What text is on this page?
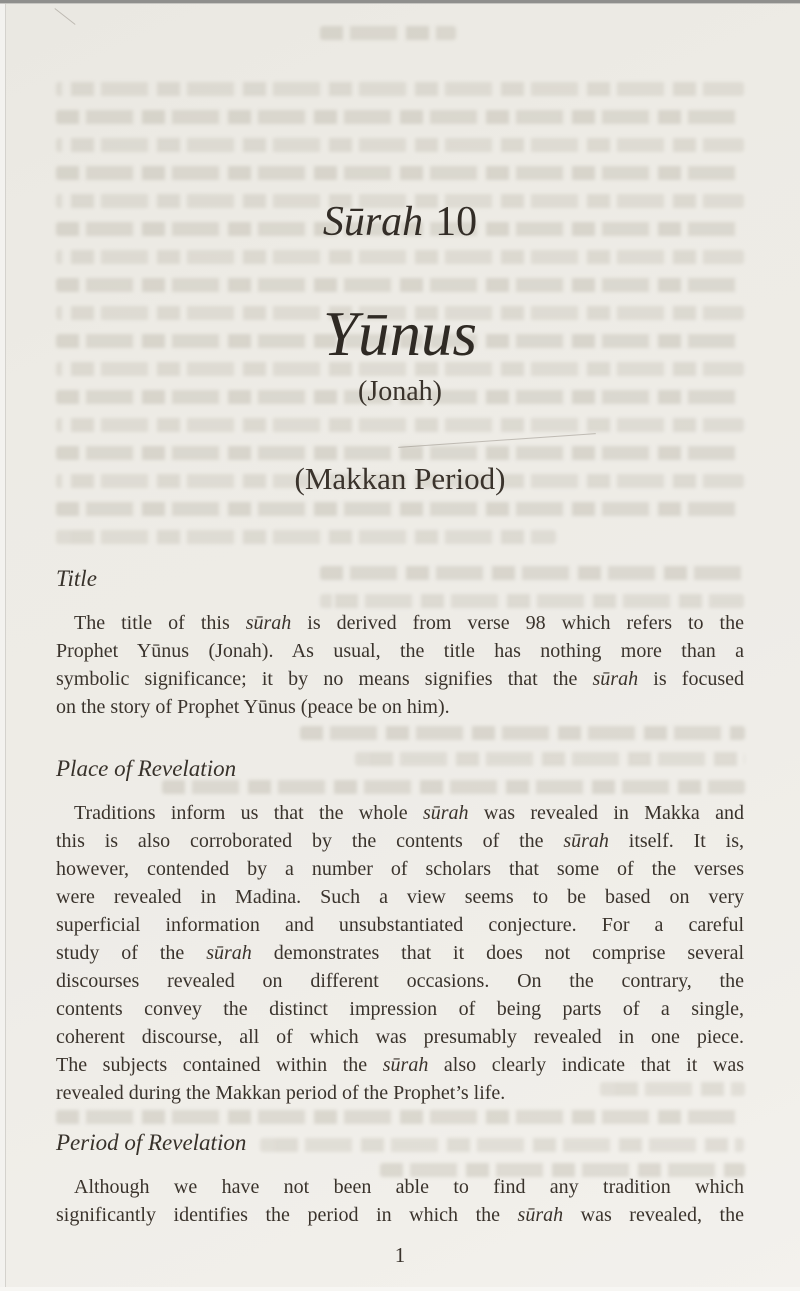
Sūrah 10
Yūnus
(Jonah)
(Makkan Period)
Title
The title of this sūrah is derived from verse 98 which refers to the
Prophet Yūnus (Jonah). As usual, the title has nothing more than a
symbolic significance; it by no means signifies that the sūrah is focused
on the story of Prophet Yūnus (peace be on him).
Place of Revelation
Traditions inform us that the whole sūrah was revealed in Makka and
this is also corroborated by the contents of the sūrah itself. It is,
however, contended by a number of scholars that some of the verses
were revealed in Madina. Such a view seems to be based on very
superficial information and unsubstantiated conjecture. For a careful
study of the sūrah demonstrates that it does not comprise several
discourses revealed on different occasions. On the contrary, the
contents convey the distinct impression of being parts of a single,
coherent discourse, all of which was presumably revealed in one piece.
The subjects contained within the sūrah also clearly indicate that it was
revealed during the Makkan period of the Prophet’s life.
Period of Revelation
Although we have not been able to find any tradition which
significantly identifies the period in which the sūrah was revealed, the
1
